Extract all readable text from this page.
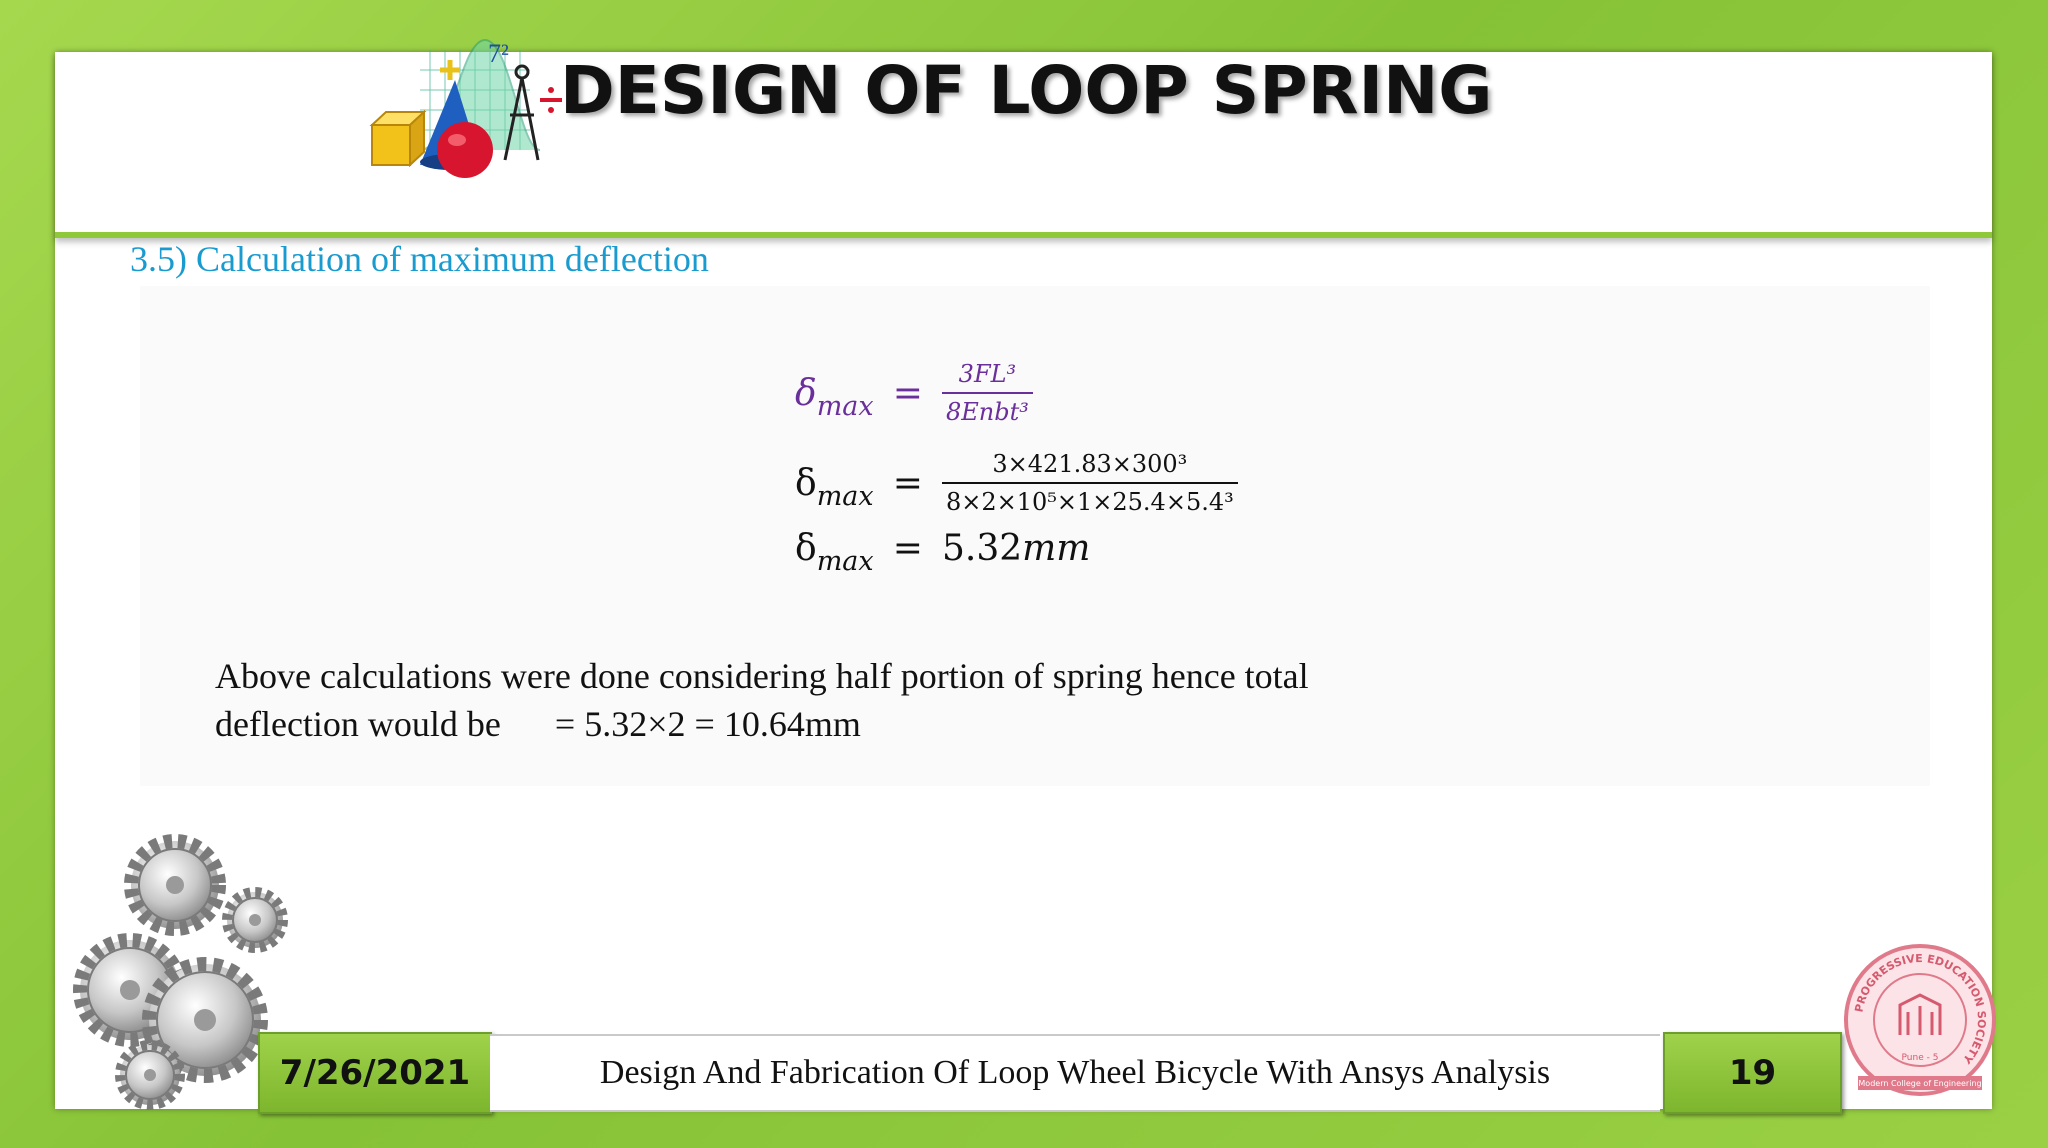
7² DESIGN OF LOOP SPRING
3.5) Calculation of maximum deflection
$\delta_{max} = \frac{\text{3FL³}}{\text{8Enbt³}}$
$\delta_{max} = \frac{\text{3×421.83×300³}}{\text{8×2×10⁵×1×25.4×5.4³}}$
$\delta_{max} = 5.32mm$
Above calculations were done considering half portion of spring hence total
deflection would be      = 5.32×2 = 10.64mm
PROGRESSIVE EDUCATION SOCIETY
Pune - 5
Modern College of Engineering
7/26/2021	Design And Fabrication Of Loop Wheel Bicycle With Ansys Analysis	19
